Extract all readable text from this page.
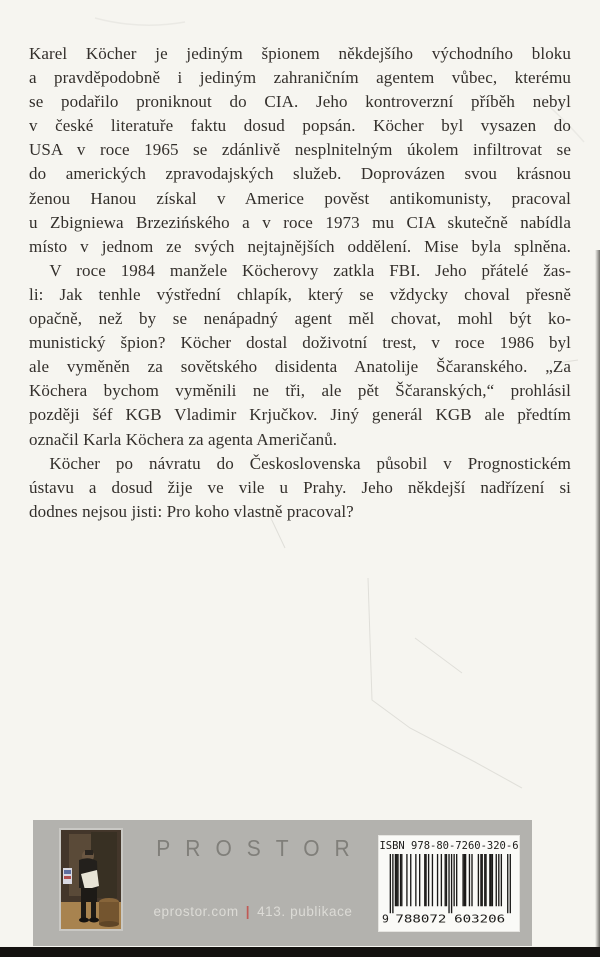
Karel Köcher je jediným špionem někdejšího východního bloku
a pravděpodobně i jediným zahraničním agentem vůbec, kterému
se podařilo proniknout do CIA. Jeho kontroverzní příběh nebyl
v české literatuře faktu dosud popsán. Köcher byl vysazen do
USA v roce 1965 se zdánlivě nesplnitelným úkolem infiltrovat se
do amerických zpravodajských služeb. Doprovázen svou krásnou
ženou Hanou získal v Americe pověst antikomunisty, pracoval
u Zbigniewa Brzezińského a v roce 1973 mu CIA skutečně nabídla
místo v jednom ze svých nejtajnějších oddělení. Mise byla splněna.
V roce 1984 manžele Köcherovy zatkla FBI. Jeho přátelé žas-
li: Jak tenhle výstřední chlapík, který se vždycky choval přesně
opačně, než by se nenápadný agent měl chovat, mohl být ko-
munistický špion? Köcher dostal doživotní trest, v roce 1986 byl
ale vyměněn za sovětského disidenta Anatolije Ščaranského. „Za
Köchera bychom vyměnili ne tři, ale pět Ščaranských,“ prohlásil
později šéf KGB Vladimir Krjučkov. Jiný generál KGB ale předtím
označil Karla Köchera za agenta Američanů.
Köcher po návratu do Československa působil v Prognostickém
ústavu a dosud žije ve vile u Prahy. Jeho někdejší nadřízení si
dodnes nejsou jisti: Pro koho vlastně pracoval?
PROSTOR
eprostor.com | 413. publikace
ISBN 978-80-7260-320-6
9 788072 603206
